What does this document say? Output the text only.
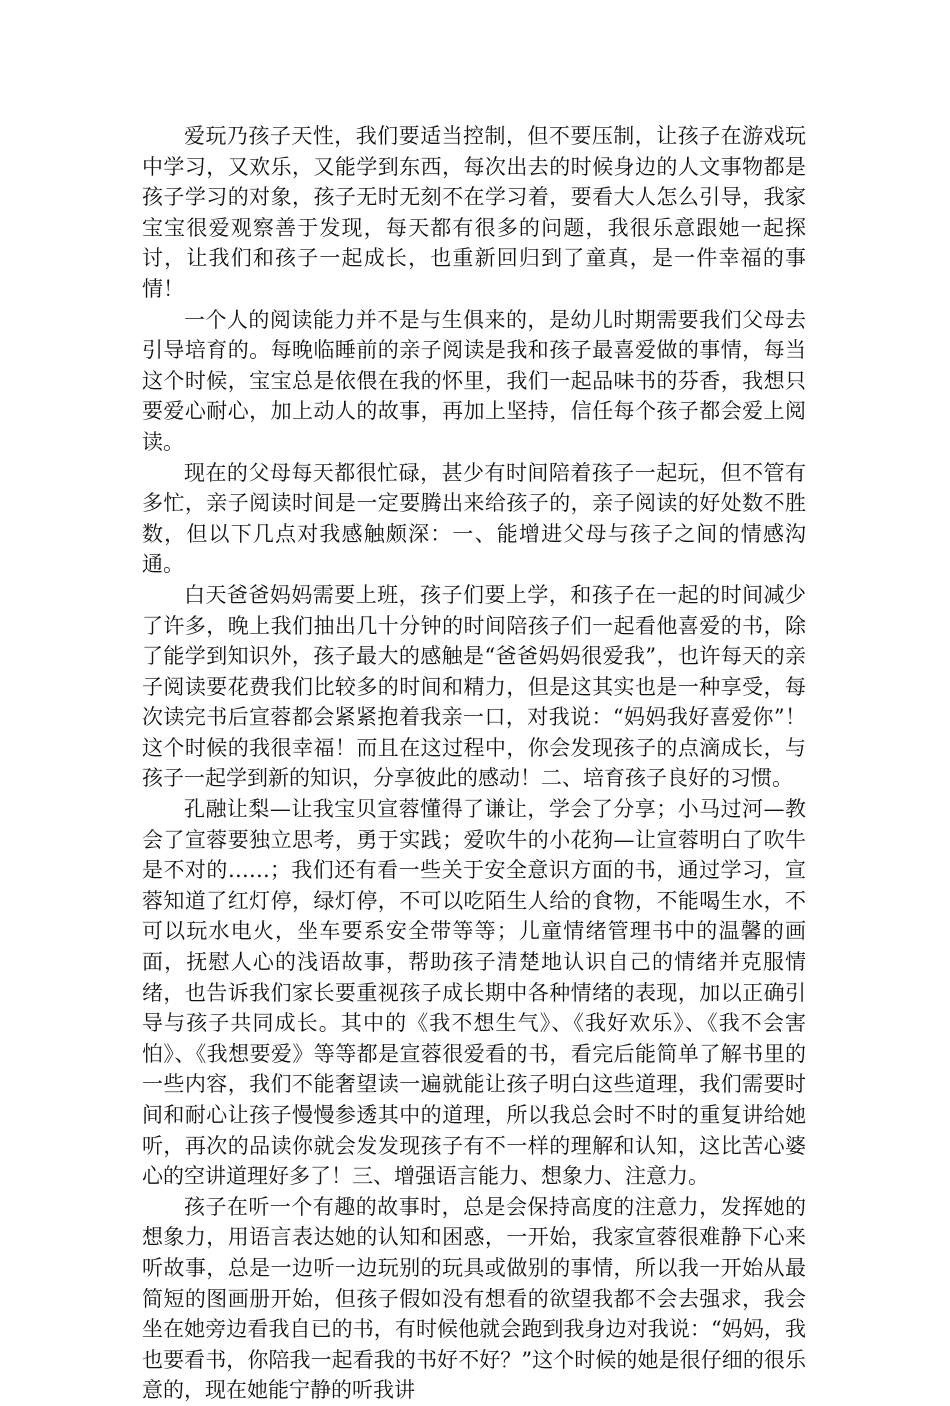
爱玩乃孩子天性，我们要适当控制，但不要压制，让孩子在游戏玩中学习，又欢乐，又能学到东西，每次出去的时候身边的人文事物都是孩子学习的对象，孩子无时无刻不在学习着，要看大人怎么引导，我家宝宝很爱观察善于发现，每天都有很多的问题，我很乐意跟她一起探讨，让我们和孩子一起成长，也重新回归到了童真，是一件幸福的事情！

一个人的阅读能力并不是与生俱来的，是幼儿时期需要我们父母去引导培育的。每晚临睡前的亲子阅读是我和孩子最喜爱做的事情，每当这个时候，宝宝总是依偎在我的怀里，我们一起品味书的芬香，我想只要爱心耐心，加上动人的故事，再加上坚持，信任每个孩子都会爱上阅读。

现在的父母每天都很忙碌，甚少有时间陪着孩子一起玩，但不管有多忙，亲子阅读时间是一定要腾出来给孩子的，亲子阅读的好处数不胜数，但以下几点对我感触颇深：一、能增进父母与孩子之间的情感沟通。

白天爸爸妈妈需要上班，孩子们要上学，和孩子在一起的时间减少了许多，晚上我们抽出几十分钟的时间陪孩子们一起看他喜爱的书，除了能学到知识外，孩子最大的感触是“爸爸妈妈很爱我”，也许每天的亲子阅读要花费我们比较多的时间和精力，但是这其实也是一种享受，每次读完书后宣蓉都会紧紧抱着我亲一口，对我说：“妈妈我好喜爱你”！这个时候的我很幸福！而且在这过程中，你会发现孩子的点滴成长，与孩子一起学到新的知识，分享彼此的感动！二、培育孩子良好的习惯。

孔融让梨—让我宝贝宣蓉懂得了谦让，学会了分享；小马过河—教会了宣蓉要独立思考，勇于实践；爱吹牛的小花狗—让宣蓉明白了吹牛是不对的……；我们还有看一些关于安全意识方面的书，通过学习，宣蓉知道了红灯停，绿灯停，不可以吃陌生人给的食物，不能喝生水，不可以玩水电火，坐车要系安全带等等；儿童情绪管理书中的温馨的画面，抚慰人心的浅语故事，帮助孩子清楚地认识自己的情绪并克服情绪，也告诉我们家长要重视孩子成长期中各种情绪的表现，加以正确引导与孩子共同成长。其中的《我不想生气》、《我好欢乐》、《我不会害怕》、《我想要爱》等等都是宣蓉很爱看的书，看完后能简单了解书里的一些内容，我们不能奢望读一遍就能让孩子明白这些道理，我们需要时间和耐心让孩子慢慢参透其中的道理，所以我总会时不时的重复讲给她听，再次的品读你就会发发现孩子有不一样的理解和认知，这比苦心婆心的空讲道理好多了！三、增强语言能力、想象力、注意力。

孩子在听一个有趣的故事时，总是会保持高度的注意力，发挥她的想象力，用语言表达她的认知和困惑，一开始，我家宣蓉很难静下心来听故事，总是一边听一边玩别的玩具或做别的事情，所以我一开始从最简短的图画册开始，但孩子假如没有想看的欲望我都不会去强求，我会坐在她旁边看我自已的书，有时候他就会跑到我身边对我说：“妈妈，我也要看书，你陪我一起看我的书好不好？”这个时候的她是很仔细的很乐意的，现在她能宁静的听我讲
